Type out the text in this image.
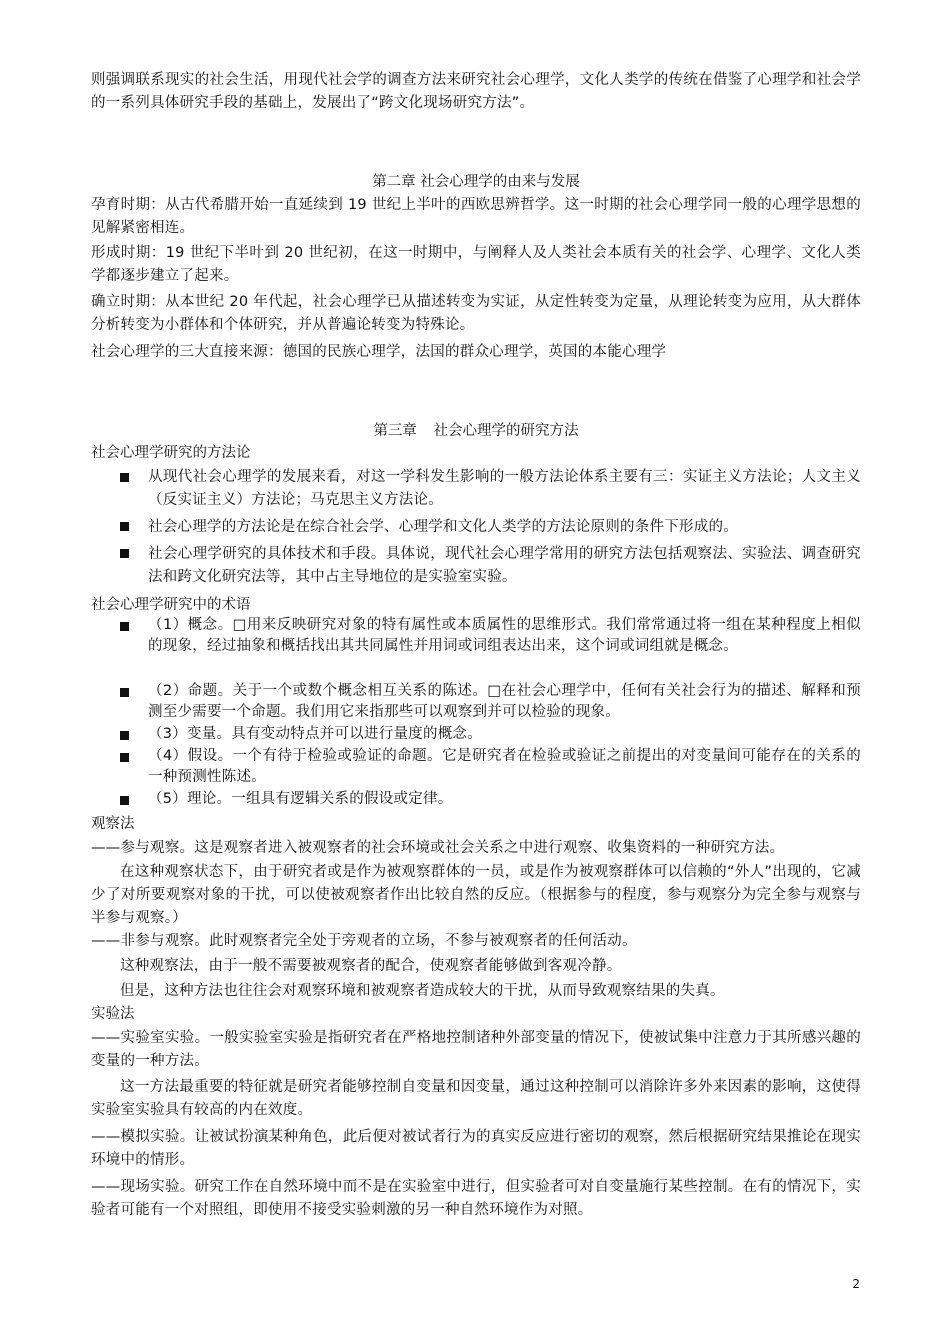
则强调联系现实的社会生活，用现代社会学的调查方法来研究社会心理学，文化人类学的传统在借鉴了心理学和社会学的一系列具体研究手段的基础上，发展出了“跨文化现场研究方法”。

第二章 社会心理学的由来与发展

孕育时期：从古代希腊开始一直延续到 19 世纪上半叶的西欧思辨哲学。这一时期的社会心理学同一般的心理学思想的见解紧密相连。

形成时期：19 世纪下半叶到 20 世纪初，在这一时期中，与阐释人及人类社会本质有关的社会学、心理学、文化人类学都逐步建立了起来。

确立时期：从本世纪 20 年代起，社会心理学已从描述转变为实证，从定性转变为定量，从理论转变为应用，从大群体分析转变为小群体和个体研究，并从普遍论转变为特殊论。

社会心理学的三大直接来源：德国的民族心理学，法国的群众心理学，英国的本能心理学

第三章 社会心理学的研究方法

社会心理学研究的方法论

从现代社会心理学的发展来看，对这一学科发生影响的一般方法论体系主要有三：实证主义方法论；人文主义（反实证主义）方法论；马克思主义方法论。

社会心理学的方法论是在综合社会学、心理学和文化人类学的方法论原则的条件下形成的。

社会心理学研究的具体技术和手段。具体说，现代社会心理学常用的研究方法包括观察法、实验法、调查研究法和跨文化研究法等，其中占主导地位的是实验室实验。

社会心理学研究中的术语

（1）概念。□用来反映研究对象的特有属性或本质属性的思维形式。我们常常通过将一组在某种程度上相似的现象，经过抽象和概括找出其共同属性并用词或词组表达出来，这个词或词组就是概念。

（2）命题。关于一个或数个概念相互关系的陈述。□在社会心理学中，任何有关社会行为的描述、解释和预测至少需要一个命题。我们用它来指那些可以观察到并可以检验的现象。

（3）变量。具有变动特点并可以进行量度的概念。

（4）假设。一个有待于检验或验证的命题。它是研究者在检验或验证之前提出的对变量间可能存在的关系的一种预测性陈述。

（5）理论。一组具有逻辑关系的假设或定律。

观察法

——参与观察。这是观察者进入被观察者的社会环境或社会关系之中进行观察、收集资料的一种研究方法。

在这种观察状态下，由于研究者或是作为被观察群体的一员，或是作为被观察群体可以信赖的“外人”出现的，它减少了对所要观察对象的干扰，可以使被观察者作出比较自然的反应。（根据参与的程度，参与观察分为完全参与观察与半参与观察。）

——非参与观察。此时观察者完全处于旁观者的立场，不参与被观察者的任何活动。

这种观察法，由于一般不需要被观察者的配合，使观察者能够做到客观冷静。

但是，这种方法也往往会对观察环境和被观察者造成较大的干扰，从而导致观察结果的失真。

实验法

——实验室实验。一般实验室实验是指研究者在严格地控制诸种外部变量的情况下，使被试集中注意力于其所感兴趣的变量的一种方法。

这一方法最重要的特征就是研究者能够控制自变量和因变量，通过这种控制可以消除许多外来因素的影响，这使得实验室实验具有较高的内在效度。

——模拟实验。让被试扮演某种角色，此后便对被试者行为的真实反应进行密切的观察，然后根据研究结果推论在现实环境中的情形。

——现场实验。研究工作在自然环境中而不是在实验室中进行，但实验者可对自变量施行某些控制。在有的情况下，实验者可能有一个对照组，即使用不接受实验刺激的另一种自然环境作为对照。

2
